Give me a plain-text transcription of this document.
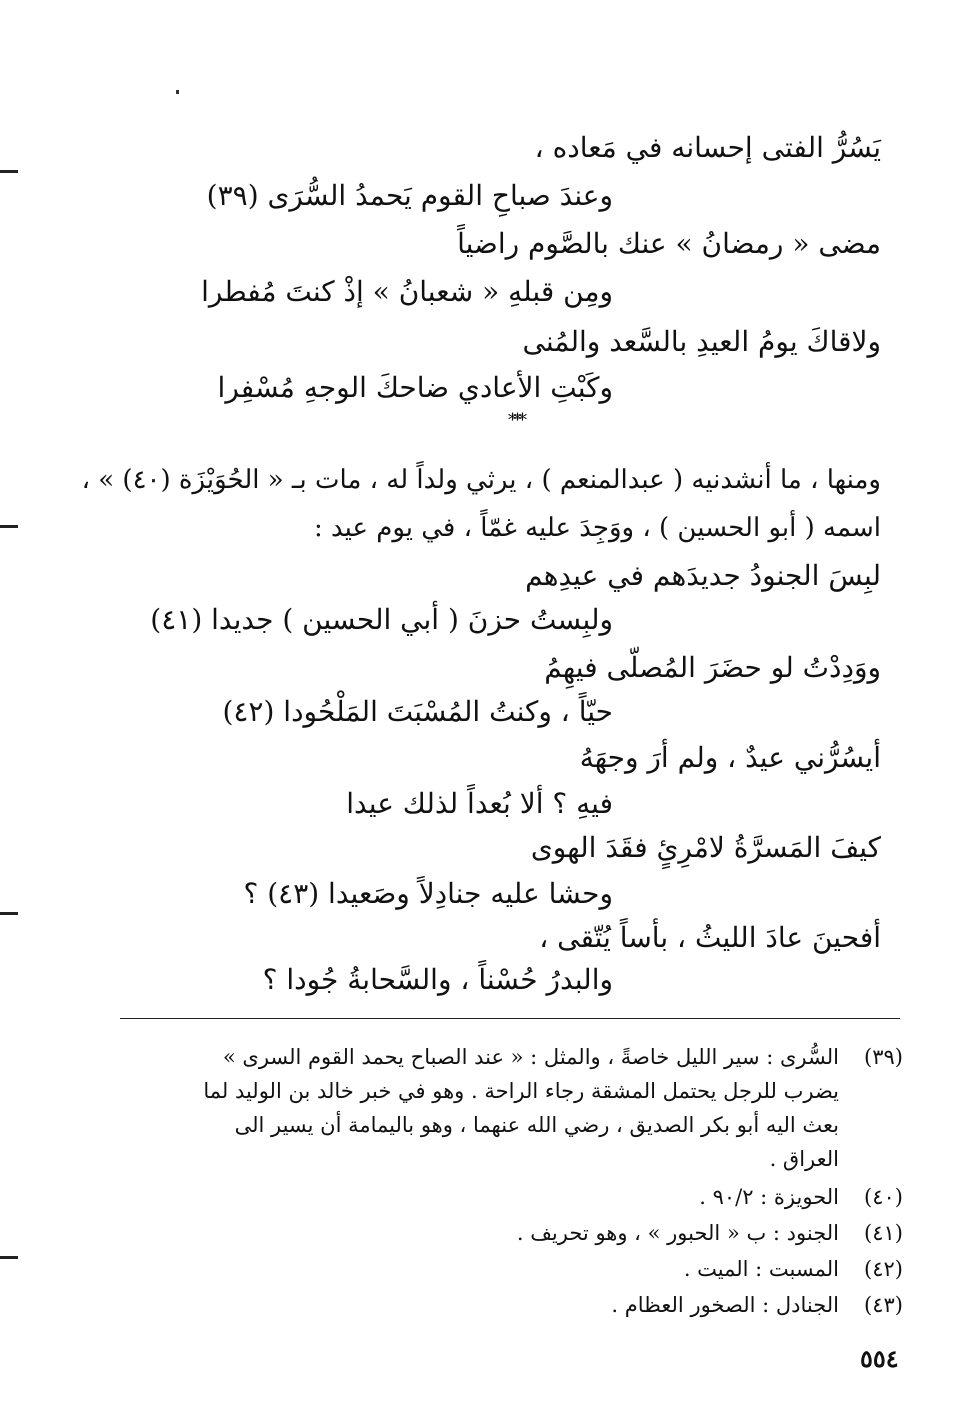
يَسُرُّ الفتى إحسانه في مَعاده ،
وعندَ صباحِ القوم يَحمدُ السُّرَى (٣٩)
مضى « رمضانُ » عنك بالصَّوم راضياً
ومِن قبلهِ « شعبانُ » إذْ كنتَ مُفطرا
ولاقاكَ يومُ العيدِ بالسَّعد والمُنى
وكَبْتِ الأعادي ضاحكَ الوجهِ مُسْفِرا
***
ومنها ، ما أنشدنيه ( عبدالمنعم ) ، يرثي ولداً له ، مات بـ « الحُوَيْزَة (٤٠) » ،
اسمه ( أبو الحسين ) ، ووَجِدَ عليه غمّاً ، في يوم عيد :
لبِسَ الجنودُ جديدَهم في عيدِهم
ولبِستُ حزنَ ( أبي الحسين ) جديدا (٤١)
ووَدِدْتُ لو حضَرَ المُصلّى فيهِمُ
حيّاً ، وكنتُ المُسْبَتَ المَلْحُودا (٤٢)
أيسُرُّني عيدٌ ، ولم أرَ وجهَهُ
فيهِ ؟ ألا بُعداً لذلك عيدا
كيفَ المَسرَّةُ لامْرِئٍ فقَدَ الهوى
وحشا عليه جنادِلاً وصَعيدا (٤٣) ؟
أفحينَ عادَ الليثُ ، بأساً يُتّقى ،
والبدرُ حُسْناً ، والسَّحابةُ جُودا ؟
(٣٩)السُّرى : سير الليل خاصةً ، والمثل : « عند الصباح يحمد القوم السرى »
يضرب للرجل يحتمل المشقة رجاء الراحة . وهو في خبر خالد بن الوليد لما
بعث اليه أبو بكر الصديق ، رضي الله عنهما ، وهو باليمامة أن يسير الى
العراق .
(٤٠)الحويزة : ٩٠/٢ .
(٤١)الجنود : ب « الحبور » ، وهو تحريف .
(٤٢)المسبت : الميت .
(٤٣)الجنادل : الصخور العظام .
٥٥٤
